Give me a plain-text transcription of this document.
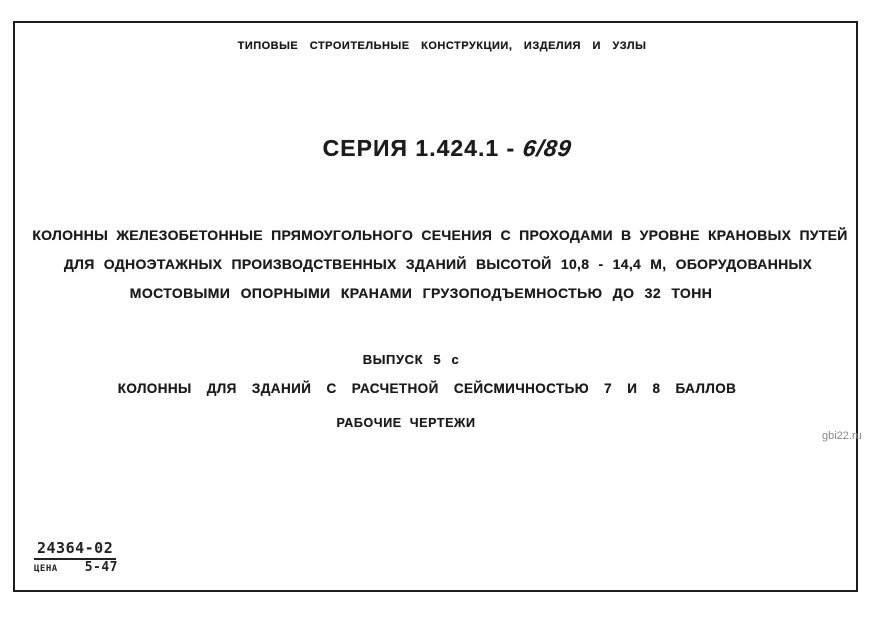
ТИПОВЫЕ СТРОИТЕЛЬНЫЕ КОНСТРУКЦИИ, ИЗДЕЛИЯ И УЗЛЫ
СЕРИЯ 1.424.1 - 6/89
КОЛОННЫ ЖЕЛЕЗОБЕТОННЫЕ ПРЯМОУГОЛЬНОГО СЕЧЕНИЯ С ПРОХОДАМИ В УРОВНЕ КРАНОВЫХ ПУТЕЙ
ДЛЯ ОДНОЭТАЖНЫХ ПРОИЗВОДСТВЕННЫХ ЗДАНИЙ ВЫСОТОЙ 10,8 - 14,4 М, ОБОРУДОВАННЫХ
МОСТОВЫМИ ОПОРНЫМИ КРАНАМИ ГРУЗОПОДЪЕМНОСТЬЮ ДО 32 ТОНН
ВЫПУСК 5 с
КОЛОННЫ ДЛЯ ЗДАНИЙ С РАСЧЕТНОЙ СЕЙСМИЧНОСТЬЮ 7 И 8 БАЛЛОВ
РАБОЧИЕ ЧЕРТЕЖИ
24364-02
ЦЕНА 5-47
gbi22.ru
